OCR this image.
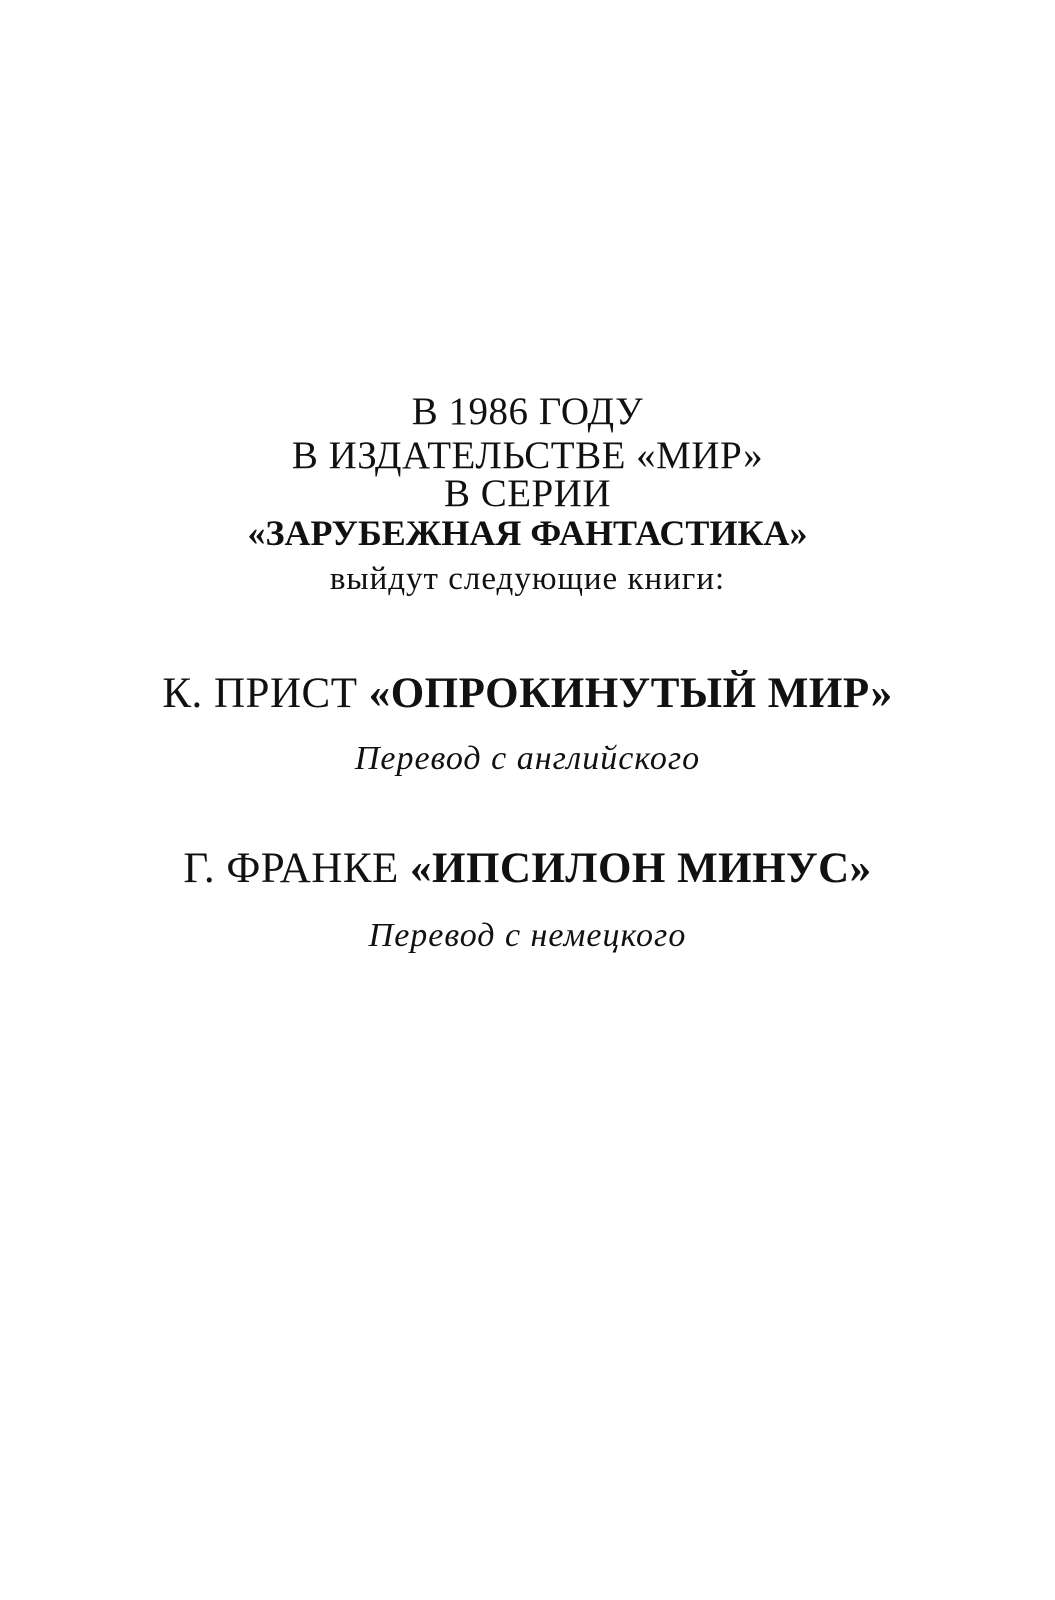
В 1986 ГОДУ
В ИЗДАТЕЛЬСТВЕ «МИР»
В СЕРИИ
«ЗАРУБЕЖНАЯ ФАНТАСТИКА»
выйдут следующие книги:
К. ПРИСТ «ОПРОКИНУТЫЙ МИР»
Перевод с английского
Г. ФРАНКЕ «ИПСИЛОН МИНУС»
Перевод с немецкого
